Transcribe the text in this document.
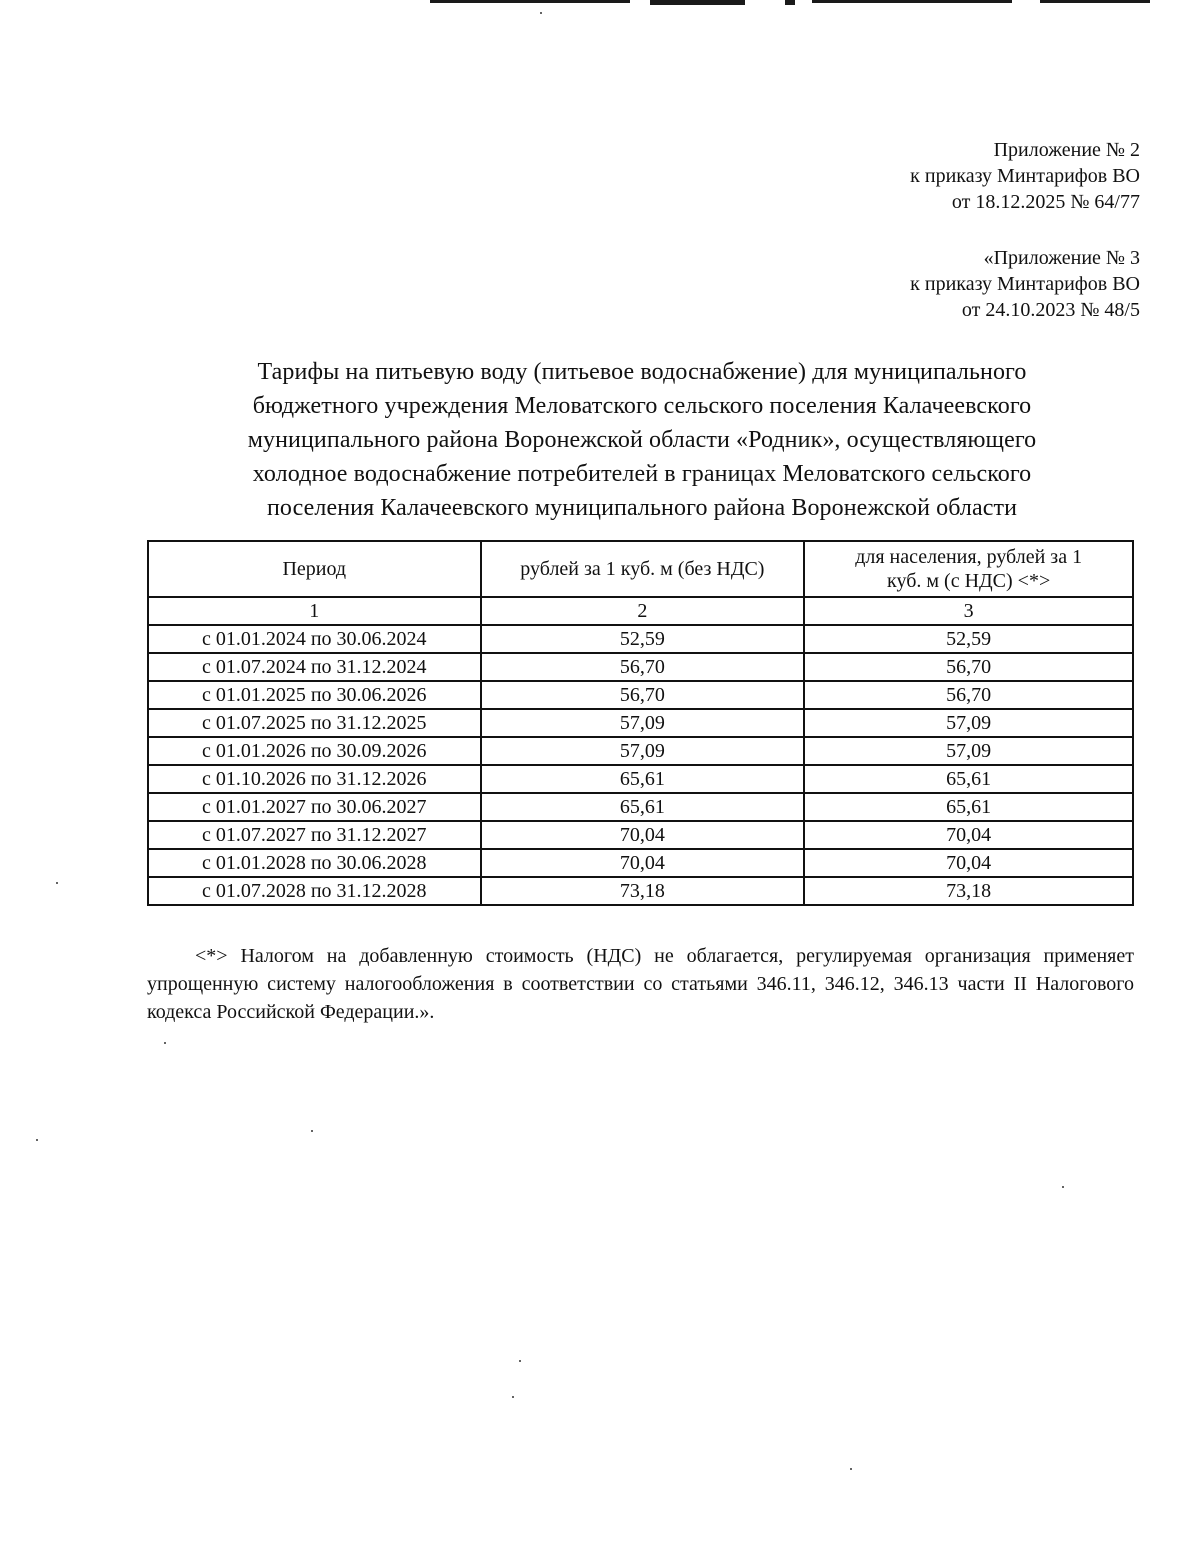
Приложение № 2
к приказу Минтарифов ВО
от 18.12.2025 № 64/77
«Приложение № 3
к приказу Минтарифов ВО
от 24.10.2023 № 48/5
Тарифы на питьевую воду (питьевое водоснабжение) для муниципального
бюджетного учреждения Меловатского сельского поселения Калачеевского
муниципального района Воронежской области «Родник», осуществляющего
холодное водоснабжение потребителей в границах Меловатского сельского
поселения Калачеевского муниципального района Воронежской области
Период	рублей за 1 куб. м (без НДС)	для населения, рублей за 1
куб. м (с НДС) <*>

1	2	3
с 01.01.2024 по 30.06.2024	52,59	52,59
с 01.07.2024 по 31.12.2024	56,70	56,70
с 01.01.2025 по 30.06.2026	56,70	56,70
с 01.07.2025 по 31.12.2025	57,09	57,09
с 01.01.2026 по 30.09.2026	57,09	57,09
с 01.10.2026 по 31.12.2026	65,61	65,61
с 01.01.2027 по 30.06.2027	65,61	65,61
с 01.07.2027 по 31.12.2027	70,04	70,04
с 01.01.2028 по 30.06.2028	70,04	70,04
с 01.07.2028 по 31.12.2028	73,18	73,18
<*> Налогом на добавленную стоимость (НДС) не облагается, регулируемая организация применяет упрощенную систему налогообложения в соответствии со статьями 346.11, 346.12, 346.13 части II Налогового кодекса Российской Федерации.».
